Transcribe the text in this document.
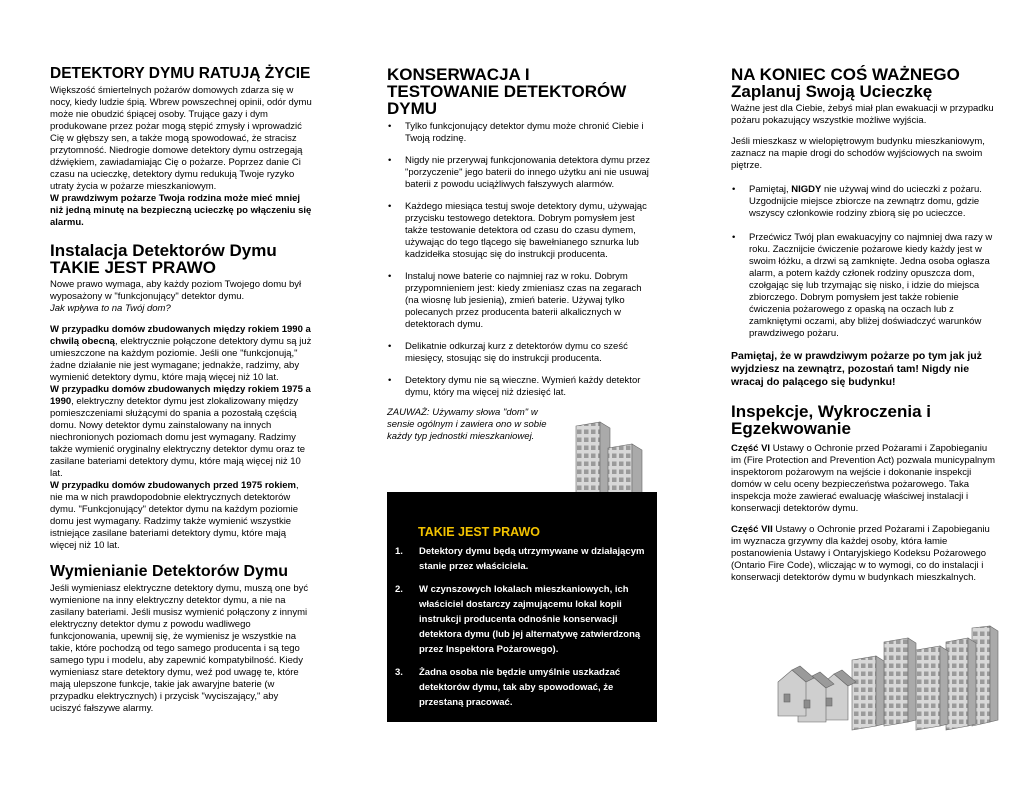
DETEKTORY DYMU RATUJĄ ŻYCIE

Większość śmiertelnych pożarów domowych zdarza się w nocy, kiedy ludzie śpią. Wbrew powszechnej opinii, odór dymu może nie obudzić śpiącej osoby. Trujące gazy i dym produkowane przez pożar mogą stępić zmysły i wprowadzić Cię w głębszy sen, a także mogą spowodować, że stracisz przytomność. Niedrogie domowe detektory dymu ostrzegają dźwiękiem, zawiadamiając Cię o pożarze. Poprzez danie Ci czasu na ucieczkę, detektory dymu redukują Twoje ryzyko utraty życia w pożarze mieszkaniowym.

W prawdziwym pożarze Twoja rodzina może mieć mniej niż jedną minutę na bezpieczną ucieczkę po włączeniu się alarmu.

Instalacja Detektorów Dymu
TAKIE JEST PRAWO

Nowe prawo wymaga, aby każdy poziom Twojego domu był wyposażony w "funkcjonujący" detektor dymu.

Jak wpływa to na Twój dom?

W przypadku domów zbudowanych między rokiem 1990 a chwilą obecną, elektrycznie połączone detektory dymu są już umieszczone na każdym poziomie. Jeśli one "funkcjonują," żadne działanie nie jest wymagane; jednakże, radzimy, aby wymienić detektory dymu, które mają więcej niż 10 lat.

W przypadku domów zbudowanych między rokiem 1975 a 1990, elektryczny detektor dymu jest zlokalizowany między pomieszczeniami służącymi do spania a pozostałą częścią domu. Nowy detektor dymu zainstalowany na innych niechronionych poziomach domu jest wymagany. Radzimy także wymienić oryginalny elektryczny detektor dymu oraz te zasilane bateriami detektory dymu, które mają więcej niż 10 lat.

W przypadku domów zbudowanych przed 1975 rokiem, nie ma w nich prawdopodobnie elektrycznych detektorów dymu. "Funkcjonujący" detektor dymu na każdym poziomie domu jest wymagany. Radzimy także wymienić wszystkie istniejące zasilane bateriami detektory dymu, które mają więcej niż 10 lat.

Wymienianie Detektorów Dymu

Jeśli wymieniasz elektryczne detektory dymu, muszą one być wymienione na inny elektryczny detektor dymu, a nie na zasilany bateriami. Jeśli musisz wymienić połączony z innymi elektryczny detektor dymu z powodu wadliwego funkcjonowania, upewnij się, że wymienisz je wszystkie na takie, które pochodzą od tego samego producenta i są tego samego typu i modelu, aby zapewnić kompatybilność. Kiedy wymieniasz stare detektory dymu, weź pod uwagę te, które mają ulepszone funkcje, takie jak awaryjne baterie (w przypadku elektrycznych) i przycisk "wyciszający," aby uciszyć fałszywe alarmy.

KONSERWACJA I
TESTOWANIE DETEKTORÓW
DYMU
• Tylko funkcjonujący detektor dymu może chronić Ciebie i Twoją rodzinę.
• Nigdy nie przerywaj funkcjonowania detektora dymu przez "porzyczenie" jego baterii do innego użytku ani nie usuwaj baterii z powodu uciążliwych fałszywych alarmów.
• Każdego miesiąca testuj swoje detektory dymu, używając przycisku testowego detektora. Dobrym pomysłem jest także testowanie detektora od czasu do czasu dymem, używając do tego tlącego się bawełnianego sznurka lub kadzidełka stosując się do instrukcji producenta.
• Instaluj nowe baterie co najmniej raz w roku. Dobrym przypomnieniem jest: kiedy zmieniasz czas na zegarach (na wiosnę lub jesienią), zmień baterie. Używaj tylko polecanych przez producenta baterii alkalicznych w detektorach dymu.
• Delikatnie odkurzaj kurz z detektorów dymu co sześć miesięcy, stosując się do instrukcji producenta.
• Detektory dymu nie są wieczne. Wymień każdy detektor dymu, który ma więcej niż dziesięć lat.

ZAUWAŻ: Używamy słowa "dom" w sensie ogólnym i zawiera ono w sobie każdy typ jednostki mieszkaniowej.

TAKIE JEST PRAWO
1. Detektory dymu będą utrzymywane w działającym stanie przez właściciela.
2. W czynszowych lokalach mieszkaniowych, ich właściciel dostarczy zajmującemu lokal kopii instrukcji producenta odnośnie konserwacji detektora dymu (lub jej alternatywę zatwierdzoną przez Inspektora Pożarowego).
3. Żadna osoba nie będzie umyślnie uszkadzać detektorów dymu, tak aby spowodować, że przestaną pracować.
NA KONIEC COŚ WAŻNEGO
Zaplanuj Swoją Ucieczkę

Ważne jest dla Ciebie, żebyś miał plan ewakuacji w przypadku pożaru pokazujący wszystkie możliwe wyjścia.

Jeśli mieszkasz w wielopiętrowym budynku mieszkaniowym, zaznacz na mapie drogi do schodów wyjściowych na swoim piętrze.

• Pamiętaj, NIGDY nie używaj wind do ucieczki z pożaru. Uzgodnijcie miejsce zbiorcze na zewnątrz domu, gdzie wszyscy członkowie rodziny zbiorą się po ucieczce.
• Przećwicz Twój plan ewakuacyjny co najmniej dwa razy w roku. Zacznijcie ćwiczenie pożarowe kiedy każdy jest w swoim łóżku, a drzwi są zamknięte. Jedna osoba ogłasza alarm, a potem każdy członek rodziny opuszcza dom, czołgając się lub trzymając się nisko, i idzie do miejsca zbiorczego. Dobrym pomysłem jest także robienie ćwiczenia pożarowego z opaską na oczach lub z zamkniętymi oczami, aby bliżej doświadczyć warunków prawdziwego pożaru.

Pamiętaj, że w prawdziwym pożarze po tym jak już wyjdziesz na zewnątrz, pozostań tam! Nigdy nie wracaj do palącego się budynku!

Inspekcje, Wykroczenia i
Egzekwowanie

Część VI Ustawy o Ochronie przed Pożarami i Zapobieganiu im (Fire Protection and Prevention Act) pozwala municypalnym inspektorom pożarowym na wejście i dokonanie inspekcji domów w celu oceny bezpieczeństwa pożarowego. Taka inspekcja może zawierać ewaluację właściwej instalacji i konserwacji detektorów dymu.

Część VII Ustawy o Ochronie przed Pożarami i Zapobieganiu im wyznacza grzywny dla każdej osoby, która łamie postanowienia Ustawy i Ontaryjskiego Kodeksu Pożarowego (Ontario Fire Code), wliczając w to wymogi, co do instalacji i konserwacji detektorów dymu w budynkach mieszkalnych.
